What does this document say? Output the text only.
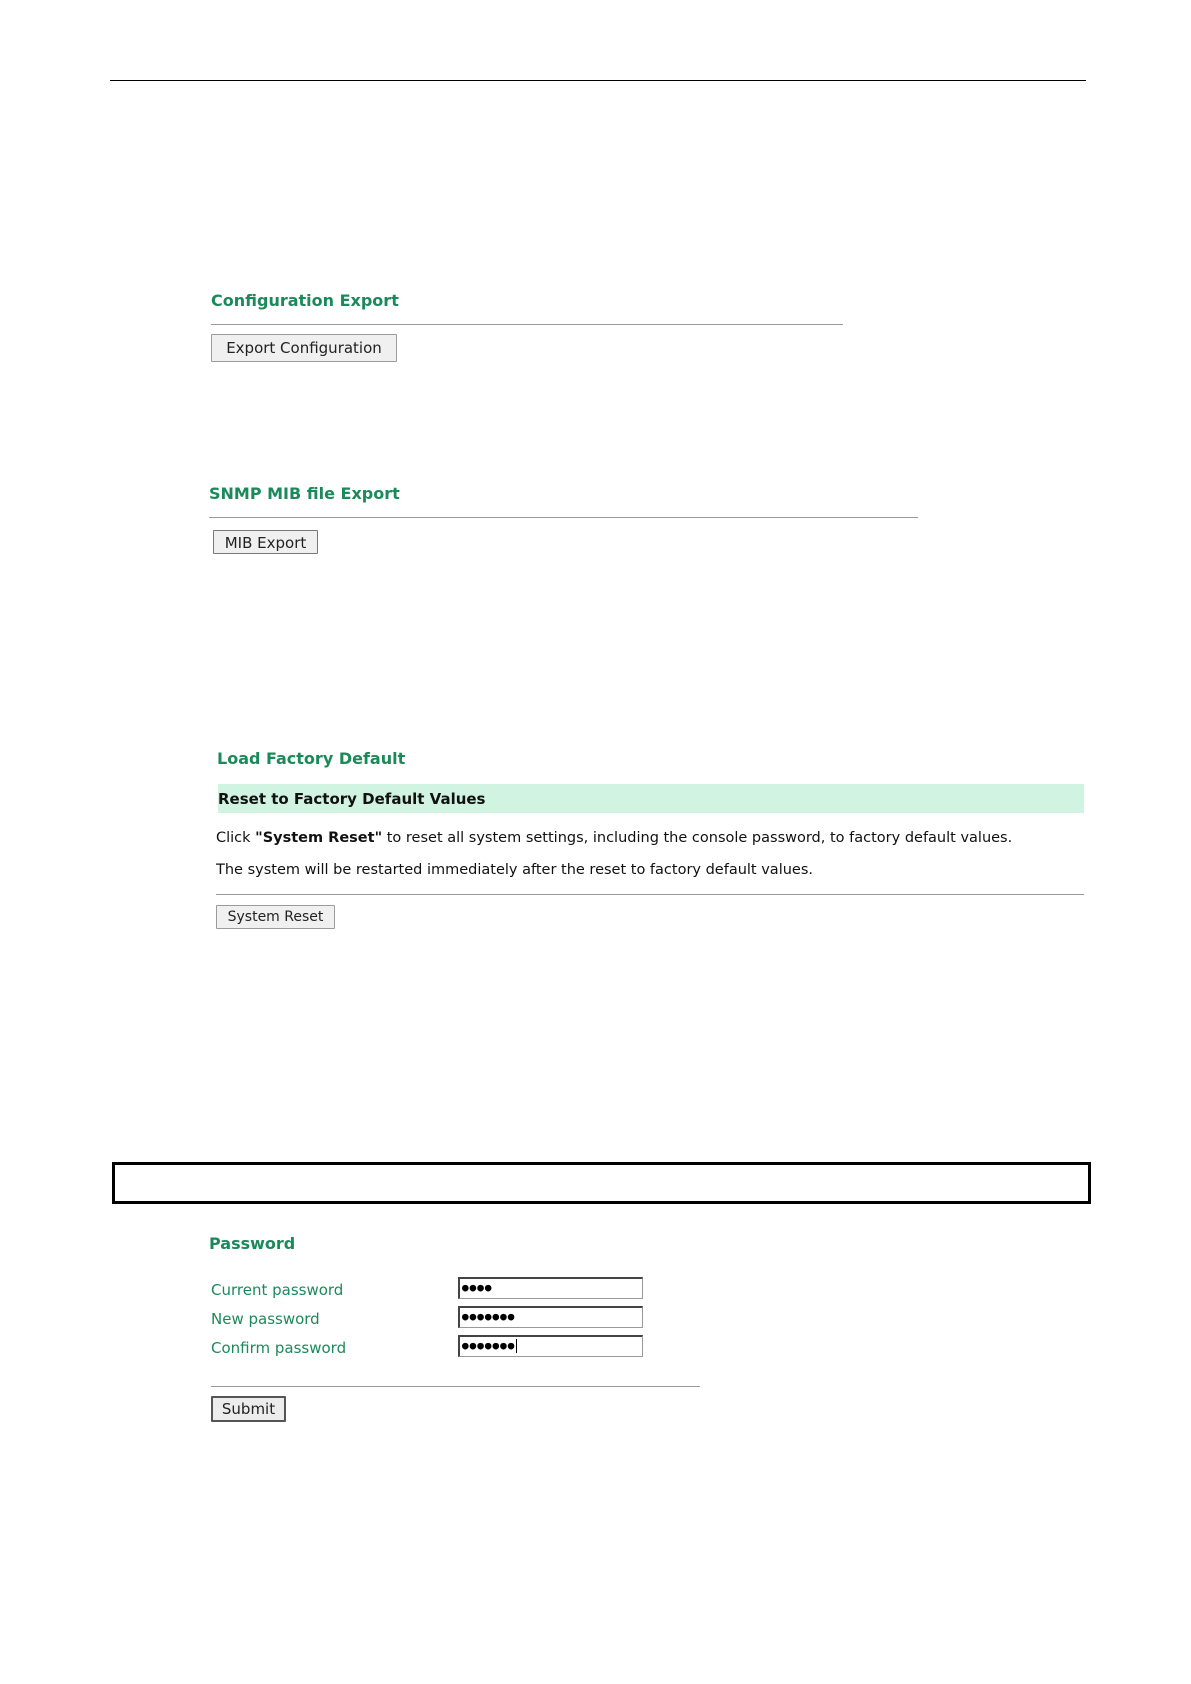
Configuration Export
Export Configuration
SNMP MIB file Export
MIB Export
Load Factory Default
Reset to Factory Default Values
Click "System Reset" to reset all system settings, including the console password, to factory default values.
The system will be restarted immediately after the reset to factory default values.
System Reset
Password
Current password	●●●●
New password	●●●●●●●
Confirm password	●●●●●●●
Submit
